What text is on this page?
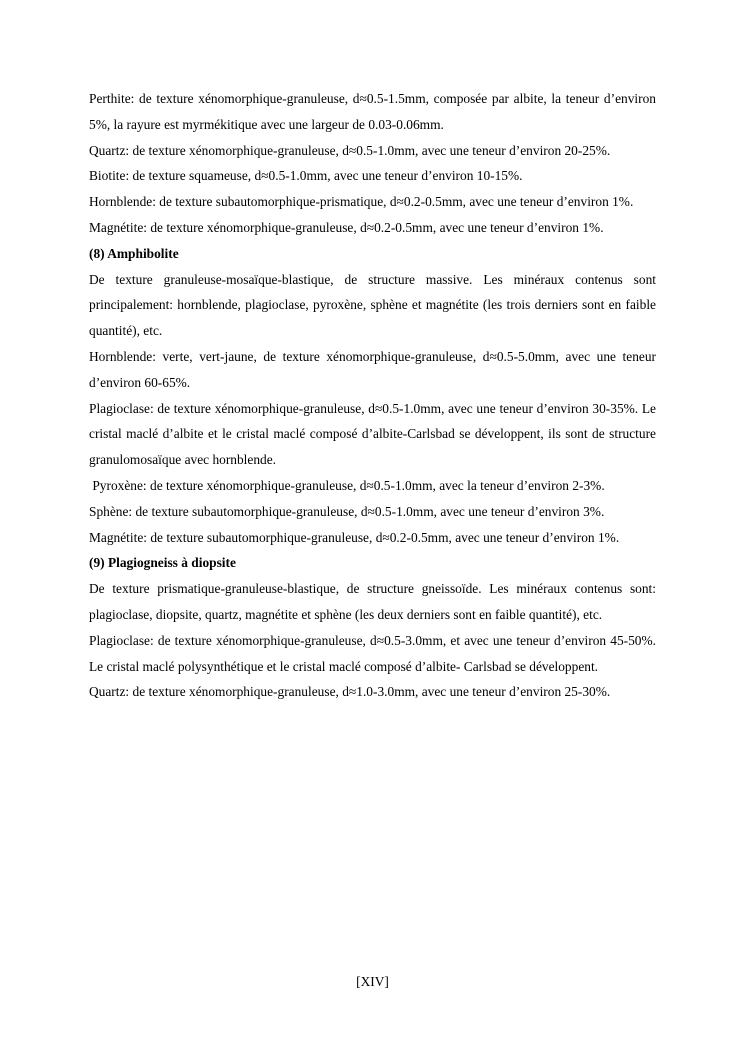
Perthite: de texture xénomorphique-granuleuse, d≈0.5-1.5mm, composée par albite, la teneur d’environ 5%, la rayure est myrmékitique avec une largeur de 0.03-0.06mm.

Quartz: de texture xénomorphique-granuleuse, d≈0.5-1.0mm, avec une teneur d’environ 20-25%.

Biotite: de texture squameuse, d≈0.5-1.0mm, avec une teneur d’environ 10-15%.

Hornblende: de texture subautomorphique-prismatique, d≈0.2-0.5mm, avec une teneur d’environ 1%.

Magnétite: de texture xénomorphique-granuleuse, d≈0.2-0.5mm, avec une teneur d’environ 1%.

(8) Amphibolite

De texture granuleuse-mosaïque-blastique, de structure massive. Les minéraux contenus sont principalement: hornblende, plagioclase, pyroxène, sphène et magnétite (les trois derniers sont en faible quantité), etc.

Hornblende: verte, vert-jaune, de texture xénomorphique-granuleuse, d≈0.5-5.0mm, avec une teneur d’environ 60-65%.

Plagioclase: de texture xénomorphique-granuleuse, d≈0.5-1.0mm, avec une teneur d’environ 30-35%. Le cristal maclé d’albite et le cristal maclé composé d’albite-Carlsbad se développent, ils sont de structure granulomosaïque avec hornblende.

Pyroxène: de texture xénomorphique-granuleuse, d≈0.5-1.0mm, avec la teneur d’environ 2-3%.

Sphène: de texture subautomorphique-granuleuse, d≈0.5-1.0mm, avec une teneur d’environ 3%.

Magnétite: de texture subautomorphique-granuleuse, d≈0.2-0.5mm, avec une teneur d’environ 1%.

(9) Plagiogneiss à diopsite

De texture prismatique-granuleuse-blastique, de structure gneissoïde. Les minéraux contenus sont: plagioclase, diopsite, quartz, magnétite et sphène (les deux derniers sont en faible quantité), etc.

Plagioclase: de texture xénomorphique-granuleuse, d≈0.5-3.0mm, et avec une teneur d’environ 45-50%. Le cristal maclé polysynthétique et le cristal maclé composé d’albite- Carlsbad se développent.

Quartz: de texture xénomorphique-granuleuse, d≈1.0-3.0mm, avec une teneur d’environ 25-30%.

[XIV]
